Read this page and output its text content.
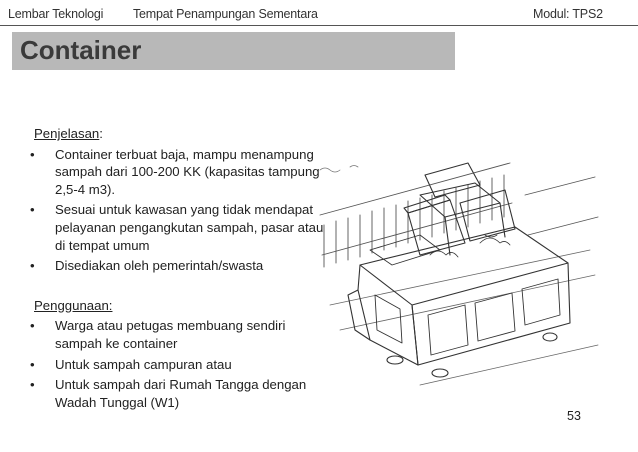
Lembar Teknologi Tempat Penampungan Sementara	Modul: TPS2
Container

Penjelasan:

• Container terbuat baja, mampu menampung sampah dari 100-200 KK (kapasitas tampung 2,5-4 m3).
• Sesuai untuk kawasan yang tidak mendapat pelayanan pengangkutan sampah, pasar atau di tempat umum
• Disediakan oleh pemerintah/swasta

Penggunaan:

• Warga atau petugas membuang sendiri sampah ke container
• Untuk sampah campuran atau
• Untuk sampah dari Rumah Tangga dengan Wadah Tunggal (W1)
53
